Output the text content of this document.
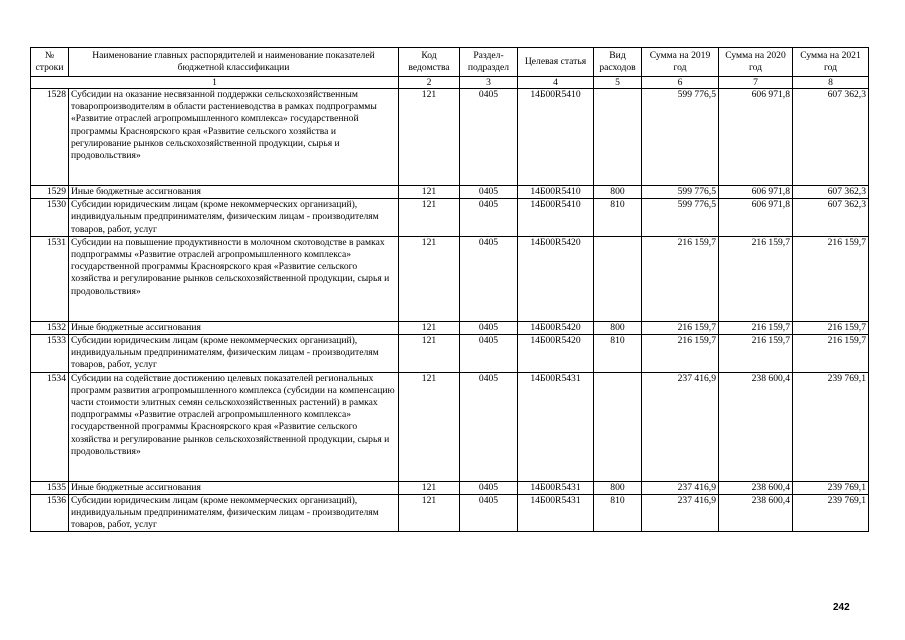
№ строки	Наименование главных распорядителей и наименование показателей бюджетной классификации	Код ведомства	Раздел-подраздел	Целевая статья	Вид расходов	Сумма на 2019 год	Сумма на 2020 год	Сумма на 2021 год
1		2	3	4	5	6	7	8
1528	Субсидии на оказание несвязанной поддержки сельскохозяйственным товаропроизводителям в области растениеводства в рамках подпрограммы «Развитие отраслей агропромышленного комплекса» государственной программы Красноярского края «Развитие сельского хозяйства и регулирование рынков сельскохозяйственной продукции, сырья и продовольствия»	121	0405	14Б00R5410		599 776,5	606 971,8	607 362,3
1529	Иные бюджетные ассигнования	121	0405	14Б00R5410	800	599 776,5	606 971,8	607 362,3
1530	Субсидии юридическим лицам (кроме некоммерческих организаций), индивидуальным предпринимателям, физическим лицам - производителям товаров, работ, услуг	121	0405	14Б00R5410	810	599 776,5	606 971,8	607 362,3
1531	Субсидии на повышение продуктивности в молочном скотоводстве в рамках подпрограммы «Развитие отраслей агропромышленного комплекса» государственной программы Красноярского края «Развитие сельского хозяйства и регулирование рынков сельскохозяйственной продукции, сырья и продовольствия»	121	0405	14Б00R5420		216 159,7	216 159,7	216 159,7
1532	Иные бюджетные ассигнования	121	0405	14Б00R5420	800	216 159,7	216 159,7	216 159,7
1533	Субсидии юридическим лицам (кроме некоммерческих организаций), индивидуальным предпринимателям, физическим лицам - производителям товаров, работ, услуг	121	0405	14Б00R5420	810	216 159,7	216 159,7	216 159,7
1534	Субсидии на содействие достижению целевых показателей региональных программ развития агропромышленного комплекса (субсидии на компенсацию части стоимости элитных семян сельскохозяйственных растений) в рамках подпрограммы «Развитие отраслей агропромышленного комплекса» государственной программы Красноярского края «Развитие сельского хозяйства и регулирование рынков сельскохозяйственной продукции, сырья и продовольствия»	121	0405	14Б00R5431		237 416,9	238 600,4	239 769,1
1535	Иные бюджетные ассигнования	121	0405	14Б00R5431	800	237 416,9	238 600,4	239 769,1
1536	Субсидии юридическим лицам (кроме некоммерческих организаций), индивидуальным предпринимателям, физическим лицам - производителям товаров, работ, услуг	121	0405	14Б00R5431	810	237 416,9	238 600,4	239 769,1
242
